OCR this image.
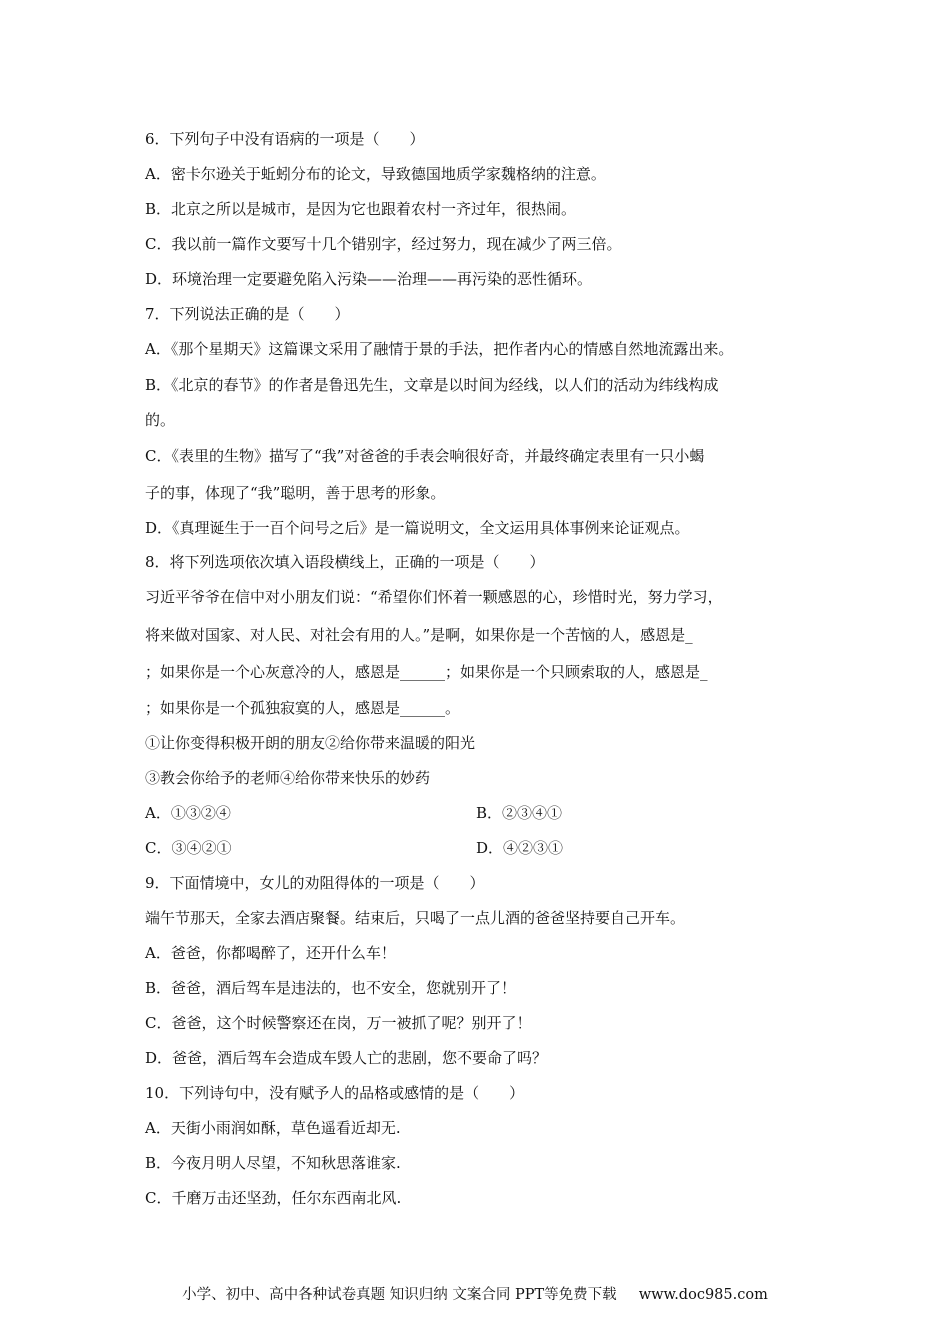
6．下列句子中没有语病的一项是（　　）
A．密卡尔逊关于蚯蚓分布的论文，导致德国地质学家魏格纳的注意。
B．北京之所以是城市，是因为它也跟着农村一齐过年，很热闹。
C．我以前一篇作文要写十几个错别字，经过努力，现在减少了两三倍。
D．环境治理一定要避免陷入污染——治理——再污染的恶性循环。
7．下列说法正确的是（　　）
A．《那个星期天》这篇课文采用了融情于景的手法，把作者内心的情感自然地流露出来。
B．《北京的春节》的作者是鲁迅先生，文章是以时间为经线，以人们的活动为纬线构成
的。
C．《表里的生物》描写了“我”对爸爸的手表会响很好奇，并最终确定表里有一只小蝎
子的事，体现了“我”聪明，善于思考的形象。
D．《真理诞生于一百个问号之后》是一篇说明文，全文运用具体事例来论证观点。
8．将下列选项依次填入语段横线上，正确的一项是（　　）
习近平爷爷在信中对小朋友们说：“希望你们怀着一颗感恩的心，珍惜时光，努力学习，
将来做对国家、对人民、对社会有用的人。”是啊，如果你是一个苦恼的人，感恩是_
；如果你是一个心灰意冷的人，感恩是______；如果你是一个只顾索取的人，感恩是_
；如果你是一个孤独寂寞的人，感恩是______。
①让你变得积极开朗的朋友②给你带来温暖的阳光
③教会你给予的老师④给你带来快乐的妙药
A．①③②④	B．②③④①
C．③④②①	D．④②③①
9．下面情境中，女儿的劝阻得体的一项是（　　）
端午节那天，全家去酒店聚餐。结束后，只喝了一点儿酒的爸爸坚持要自己开车。
A．爸爸，你都喝醉了，还开什么车！
B．爸爸，酒后驾车是违法的，也不安全，您就别开了！
C．爸爸，这个时候警察还在岗，万一被抓了呢？别开了！
D．爸爸，酒后驾车会造成车毁人亡的悲剧，您不要命了吗？
10．下列诗句中，没有赋予人的品格或感情的是（　　）
A．天街小雨润如酥，草色遥看近却无.
B．今夜月明人尽望，不知秋思落谁家.
C．千磨万击还坚劲，任尔东西南北风.
小学、初中、高中各种试卷真题 知识归纳 文案合同 PPT等免费下载 www.doc985.com
